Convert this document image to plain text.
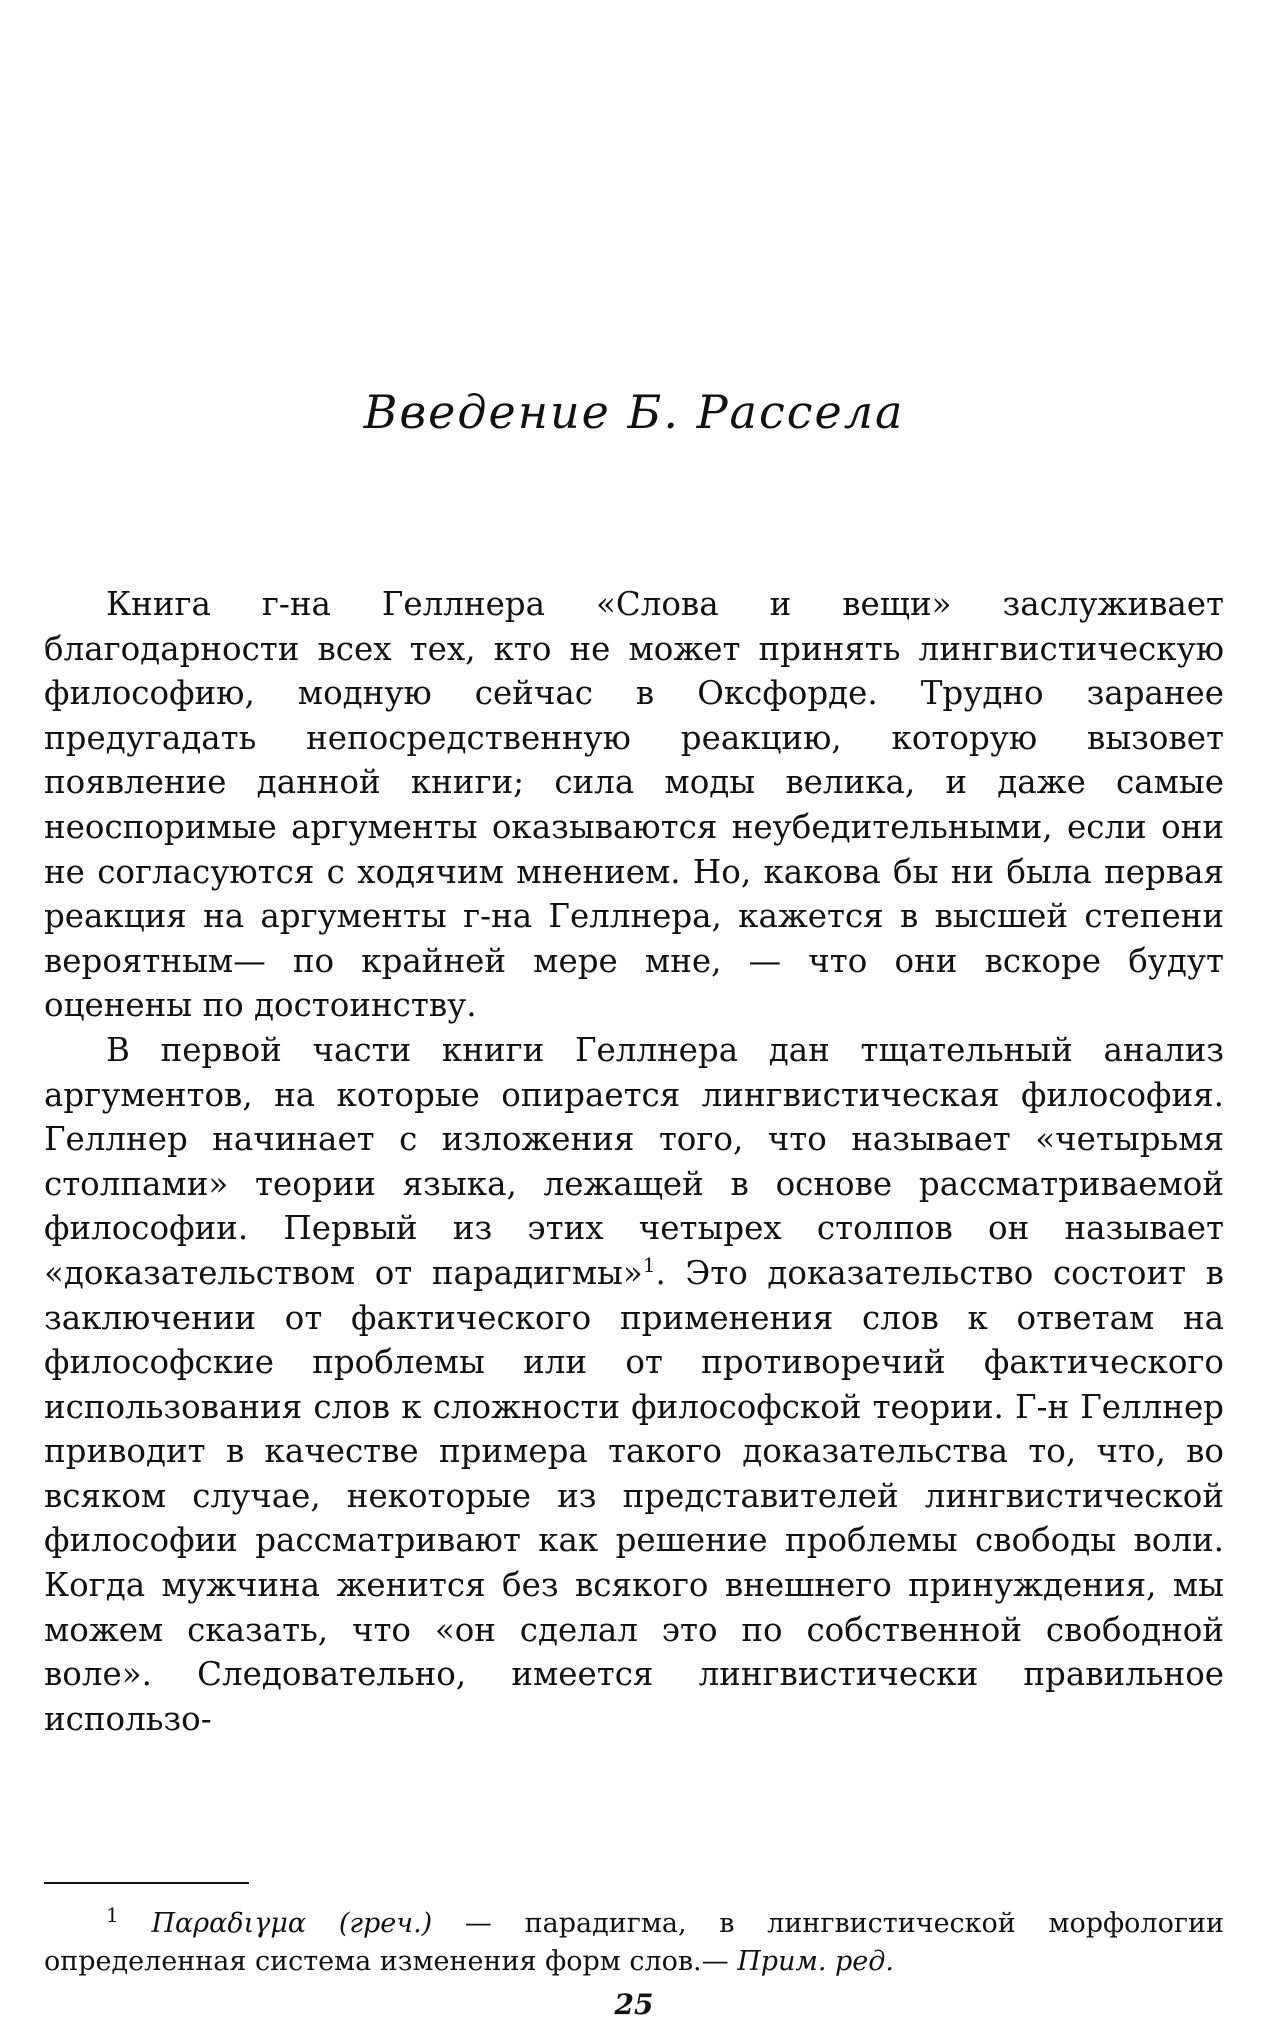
Введение Б. Рассела

Книга г-на Геллнера «Слова и вещи» заслуживает благодарности всех тех, кто не может принять лингвистическую философию, модную сейчас в Оксфорде. Трудно заранее предугадать непосредственную реакцию, которую вызовет появление данной книги; сила моды велика, и даже самые неоспоримые аргументы оказываются неубедительными, если они не согласуются с ходячим мнением. Но, какова бы ни была первая реакция на аргументы г-на Геллнера, кажется в высшей степени вероятным— по крайней мере мне, — что они вскоре будут оценены по достоинству.

В первой части книги Геллнера дан тщательный анализ аргументов, на которые опирается лингвистическая философия. Геллнер начинает с изложения того, что называет «четырьмя столпами» теории языка, лежащей в основе рассматриваемой философии. Первый из этих четырех столпов он называет «доказательством от парадигмы»$^1$. Это доказательство состоит в заключении от фактического применения слов к ответам на философские проблемы или от противоречий фактического использования слов к сложности философской теории. Г-н Геллнер приводит в качестве примера такого доказательства то, что, во всяком случае, некоторые из представителей лингвистической философии рассматривают как решение проблемы свободы воли. Когда мужчина женится без всякого внешнего принуждения, мы можем сказать, что «он сделал это по собственной свободной воле». Следовательно, имеется лингвистически правильное использо-

$^1$ Παραδιγμα (греч.) — парадигма, в лингвистической морфологии определенная система изменения форм слов.— Прим. ред.

25
